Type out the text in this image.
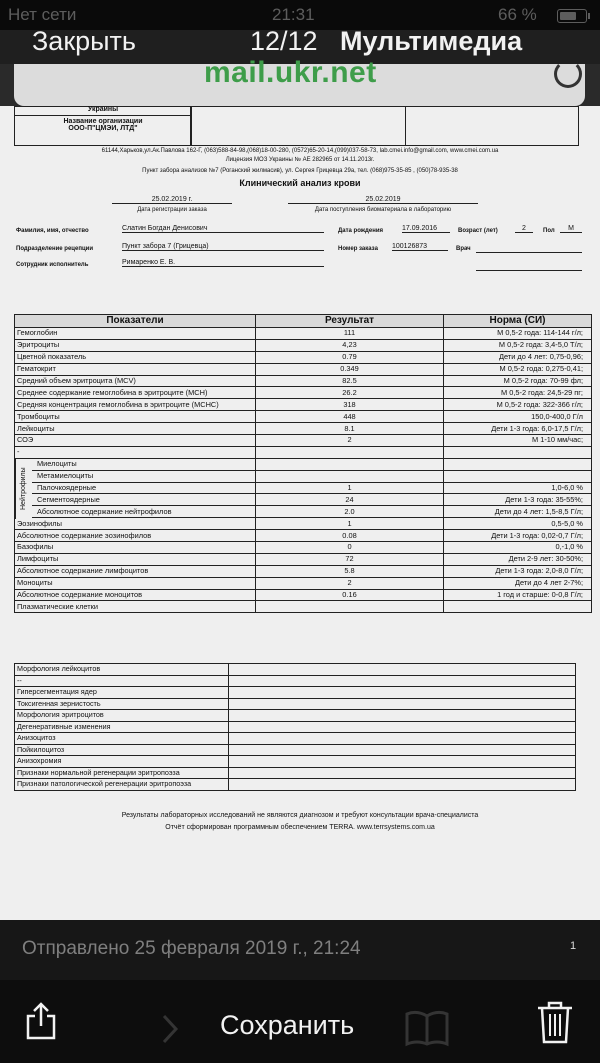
Нет сети	21:31	66 %
Закрыть	12/12 Мультимедиа
mail.ukr.net
Украины
Название организации
ООО-П"ЦМЭИ, ЛТД"
61144,Харьков,ул.Ак.Павлова 162-Г, (063)588-84-98,(068)18-00-280, (0572)65-20-14,(099)037-58-73, lab.cmei.info@gmail.com, www.cmei.com.ua
Лицензия МОЗ Украины № АЕ 282965 от 14.11.2013г.
Пункт забора анализов №7 (Роганский жилмасив), ул. Сергея Грицевца 29а, тел. (068)975-35-85 , (050)78-935-38
Клинический анализ крови
25.02.2019 г.
Дата регистрации заказа
25.02.2019
Дата поступления биоматериала в лабораторию
Фамилия, имя, отчество	Слатин Богдан Денисович	Дата рождения	17.09.2016	Возраст (лет)	2	Пол	М
Подразделение рецепции	Пункт забора 7 (Грицевца)	Номер заказа 100126873	Врач
Сотрудник исполнитель	Римаренко Е. В.
Показатели	Результат	Норма (СИ)
Гемоглобин	111	М 0,5-2 года: 114-144 г/л;
Эритроциты	4,23	М 0,5-2 года: 3,4-5,0 Т/л;
Цветной показатель	0.79	Дети до 4 лет: 0,75-0,96;
Гематокрит	0.349	М 0,5-2 года: 0,275-0,41;
Средний объем эритроцита (MCV)	82.5	М 0,5-2 года: 70-99 фл;
Среднее содержание гемоглобина в эритроците (МСН)	26.2	М 0,5-2 года: 24,5-29 пг;
Средняя концентрация гемоглобина в эритроците (МСНС)	318	М 0,5-2 года: 322-366 г/л;
Тромбоциты	448	150,0-400,0 Г/л
Лейкоциты	8.1	Дети 1-3 года: 6,0-17,5 Г/л;
СОЭ	2	М 1-10 мм/час;
-		

Нейтрофилы
Миелоциты		
Метамиелоциты		
Палочкоядерные	1	1,0-6,0 %
Сегментоядерные	24	Дети 1-3 года: 35-55%;
Абсолютное содержание нейтрофилов	2.0	Дети до 4 лет: 1,5-8,5 Г/л;
Эозинофилы	1	0,5-5,0 %
Абсолютное содержание эозинофилов	0.08	Дети 1-3 года: 0,02-0,7 Г/л;
Базофилы	0	0,-1,0 %
Лимфоциты	72	Дети 2-9 лет: 30-50%;
Абсолютное содержание лимфоцитов	5.8	Дети 1-3 года: 2,0-8,0 Г/л;
Моноциты	2	Дети до 4 лет 2-7%;
Абсолютное содержание моноцитов	0.16	1 год и старше: 0-0,8 Г/л;
Плазматические клетки		
Морфология лейкоцитов	
--	
Гиперсегментация ядер	
Токсигенная зернистость	
Морфология эритроцитов	
Дегенеративные изменения	
Анизоцитоз	
Пойкилоцитоз	
Анизохромия	
Признаки нормальной регенерации эритропоэза	
Признаки патологической регенерации эритропоэза	
Результаты лабораторных исследований не являются диагнозом и требуют консультации врача-специалиста
Отчёт сформирован программным обеспечением TERRA. www.terrsystems.com.ua
Отправлено 25 февраля 2019 г., 21:24	1
Сохранить
